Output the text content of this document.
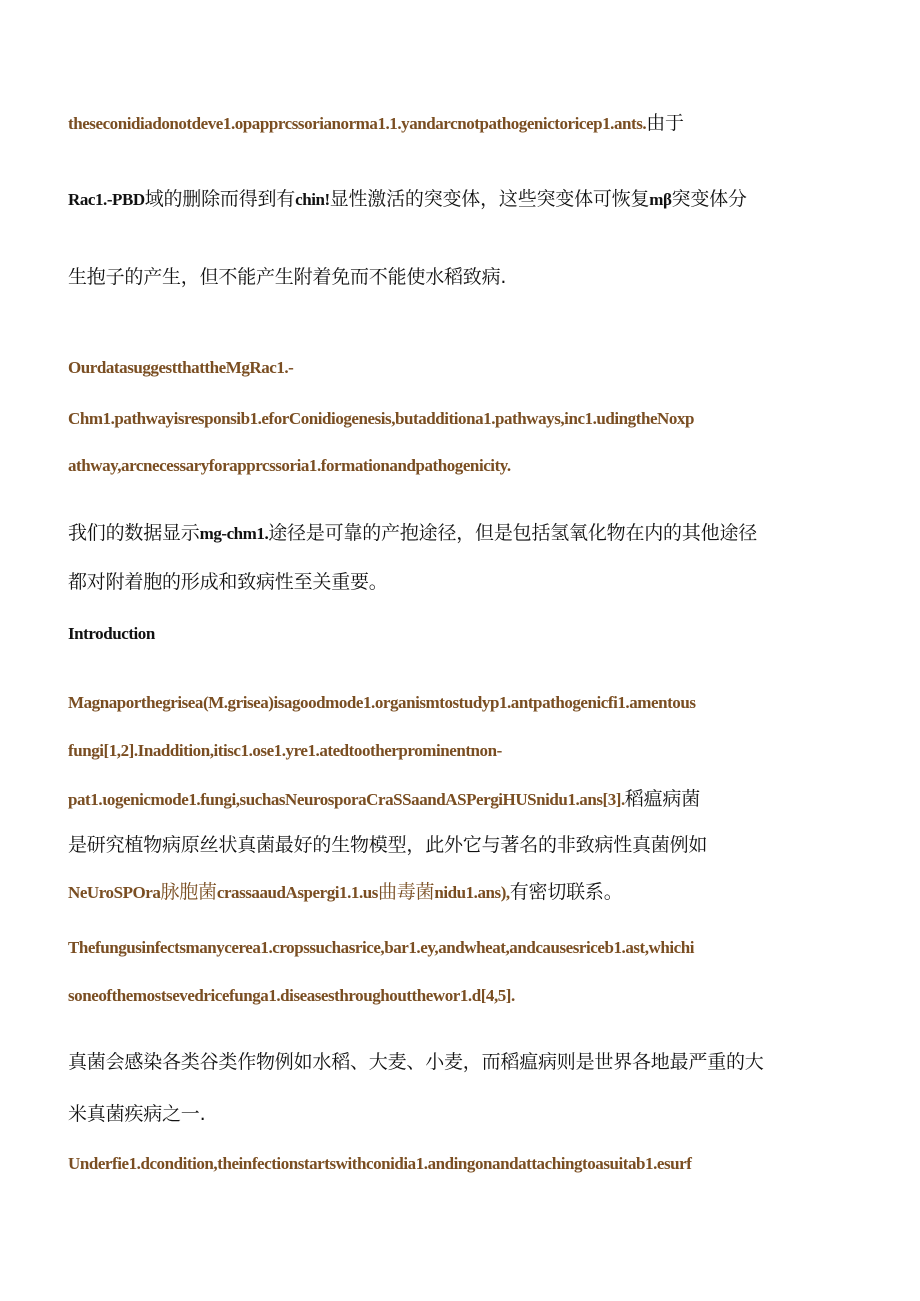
theseconidiadonotdeve1.opapprcssorianorma1.1.yandarcnotpathogenictoricep1.ants.由于
Rac1.-PBD域的删除而得到有chin!显性激活的突变体，这些突变体可恢复mβ突变体分
生抱子的产生，但不能产生附着免而不能使水稻致病.
OurdatasuggestthattheMgRac1.-
Chm1.pathwayisresponsib1.eforConidiogenesis,butadditiona1.pathways,inc1.udingtheNoxp
athway,arcnecessaryforapprcssoria1.formationandpathogenicity.
我们的数据显示mg-chm1.途径是可靠的产抱途径，但是包括氢氧化物在内的其他途径
都对附着胞的形成和致病性至关重要。
Introduction
Magnaporthegrisea(M.grisea)isagoodmode1.organismtostudyp1.antpathogenicfi1.amentous
fungi[1,2].Inaddition,itisc1.ose1.yre1.atedtootherprominentnon-
pat1.ιogenicmode1.fungi,suchasNeurosporaCraSSaandASPergiHUSnidu1.ans[3].稻瘟病菌
是研究植物病原丝状真菌最好的生物模型，此外它与著名的非致病性真菌例如
NeUroSPOra脉胞菌crassaaudAspergi1.1.us曲毒菌nidu1.ans),有密切联系。
Thefungusinfectsmanycerea1.cropssuchasrice,bar1.ey,andwheat,andcausesriceb1.ast,whichi
soneofthemostsevedricefunga1.diseasesthroughoutthewor1.d[4,5].
真菌会感染各类谷类作物例如水稻、大麦、小麦，而稻瘟病则是世界各地最严重的大
米真菌疾病之一.
Underfie1.dcondition,theinfectionstartswithconidia1.andingonandattachingtoasuitab1.esurf
